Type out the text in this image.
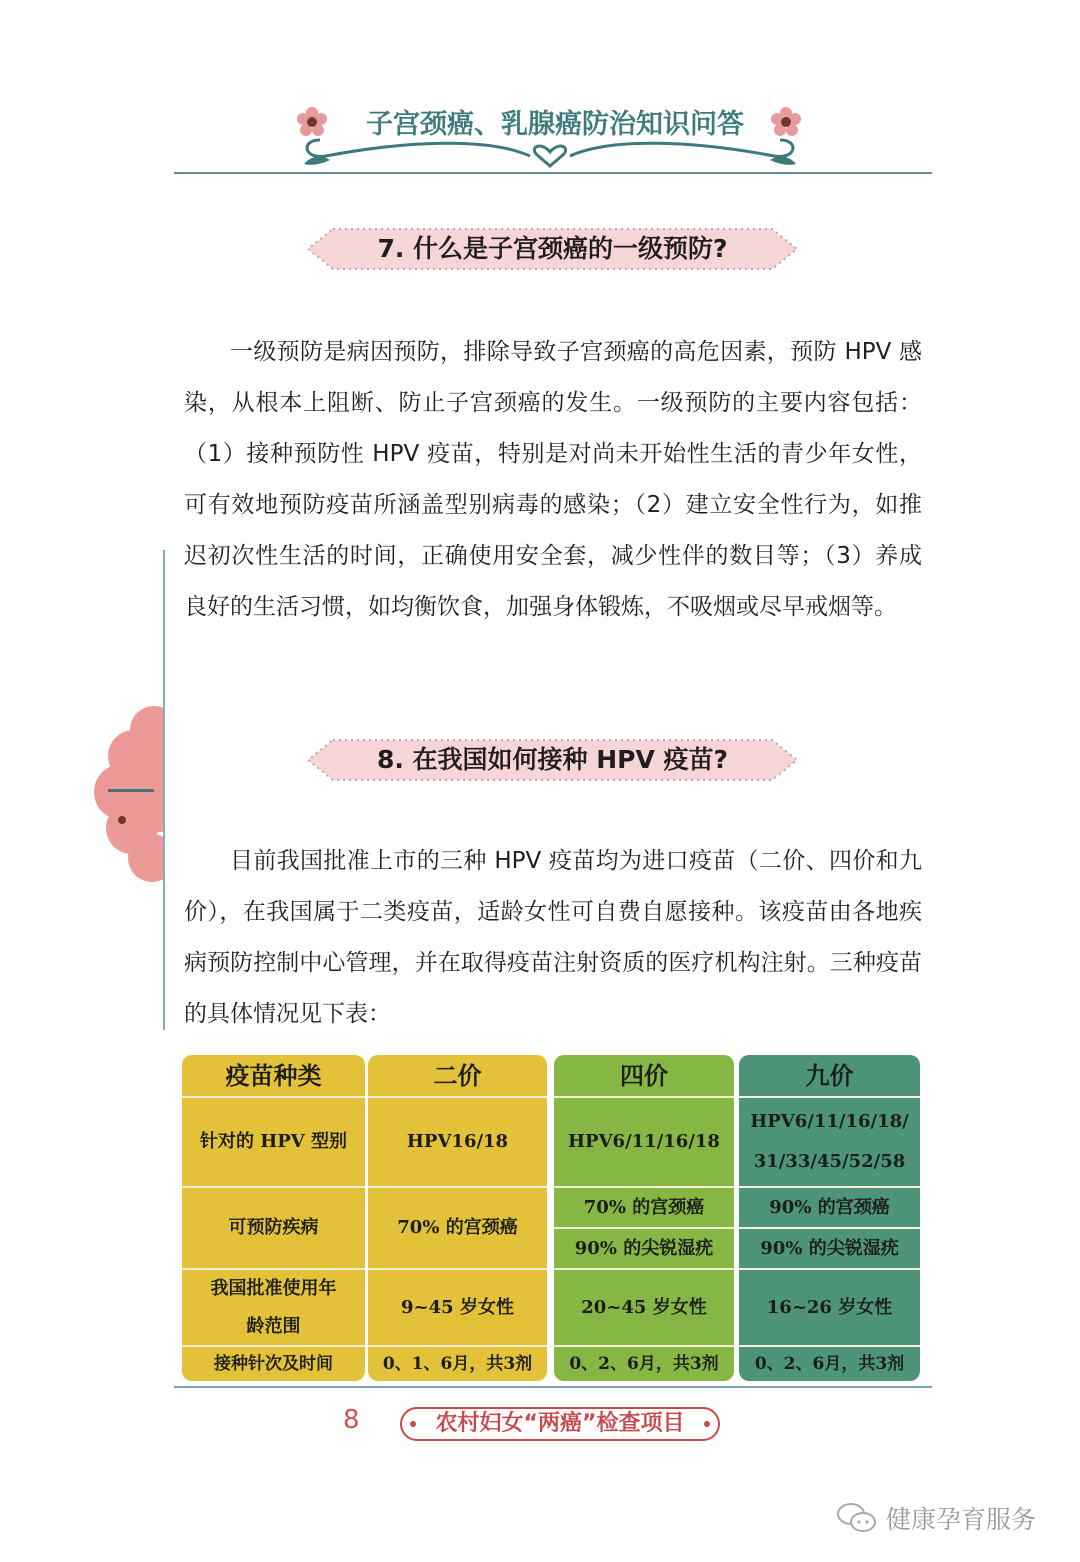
子宫颈癌、乳腺癌防治知识问答
7. 什么是子宫颈癌的一级预防?
一级预防是病因预防，排除导致子宫颈癌的高危因素，预防 HPV 感染，从根本上阻断、防止子宫颈癌的发生。一级预防的主要内容包括：（1）接种预防性 HPV 疫苗，特别是对尚未开始性生活的青少年女性，可有效地预防疫苗所涵盖型别病毒的感染；（2）建立安全性行为，如推迟初次性生活的时间，正确使用安全套，减少性伴的数目等；（3）养成良好的生活习惯，如均衡饮食，加强身体锻炼，不吸烟或尽早戒烟等。
8. 在我国如何接种 HPV 疫苗?
目前我国批准上市的三种 HPV 疫苗均为进口疫苗（二价、四价和九价），在我国属于二类疫苗，适龄女性可自费自愿接种。该疫苗由各地疾病预防控制中心管理，并在取得疫苗注射资质的医疗机构注射。三种疫苗的具体情况见下表：
疫苗种类
针对的 HPV 型别
可预防疾病
我国批准使用年龄范围
接种针次及时间
二价
HPV16/18
70% 的宫颈癌
9~45 岁女性
0、1、6月，共3剂
四价
HPV6/11/16/18
70% 的宫颈癌
90% 的尖锐湿疣
20~45 岁女性
0、2、6月，共3剂
九价
HPV6/11/16/18/
31/33/45/52/58
90% 的宫颈癌
90% 的尖锐湿疣
16~26 岁女性
0、2、6月，共3剂
8	农村妇女“两癌”检查项目
健康孕育服务
